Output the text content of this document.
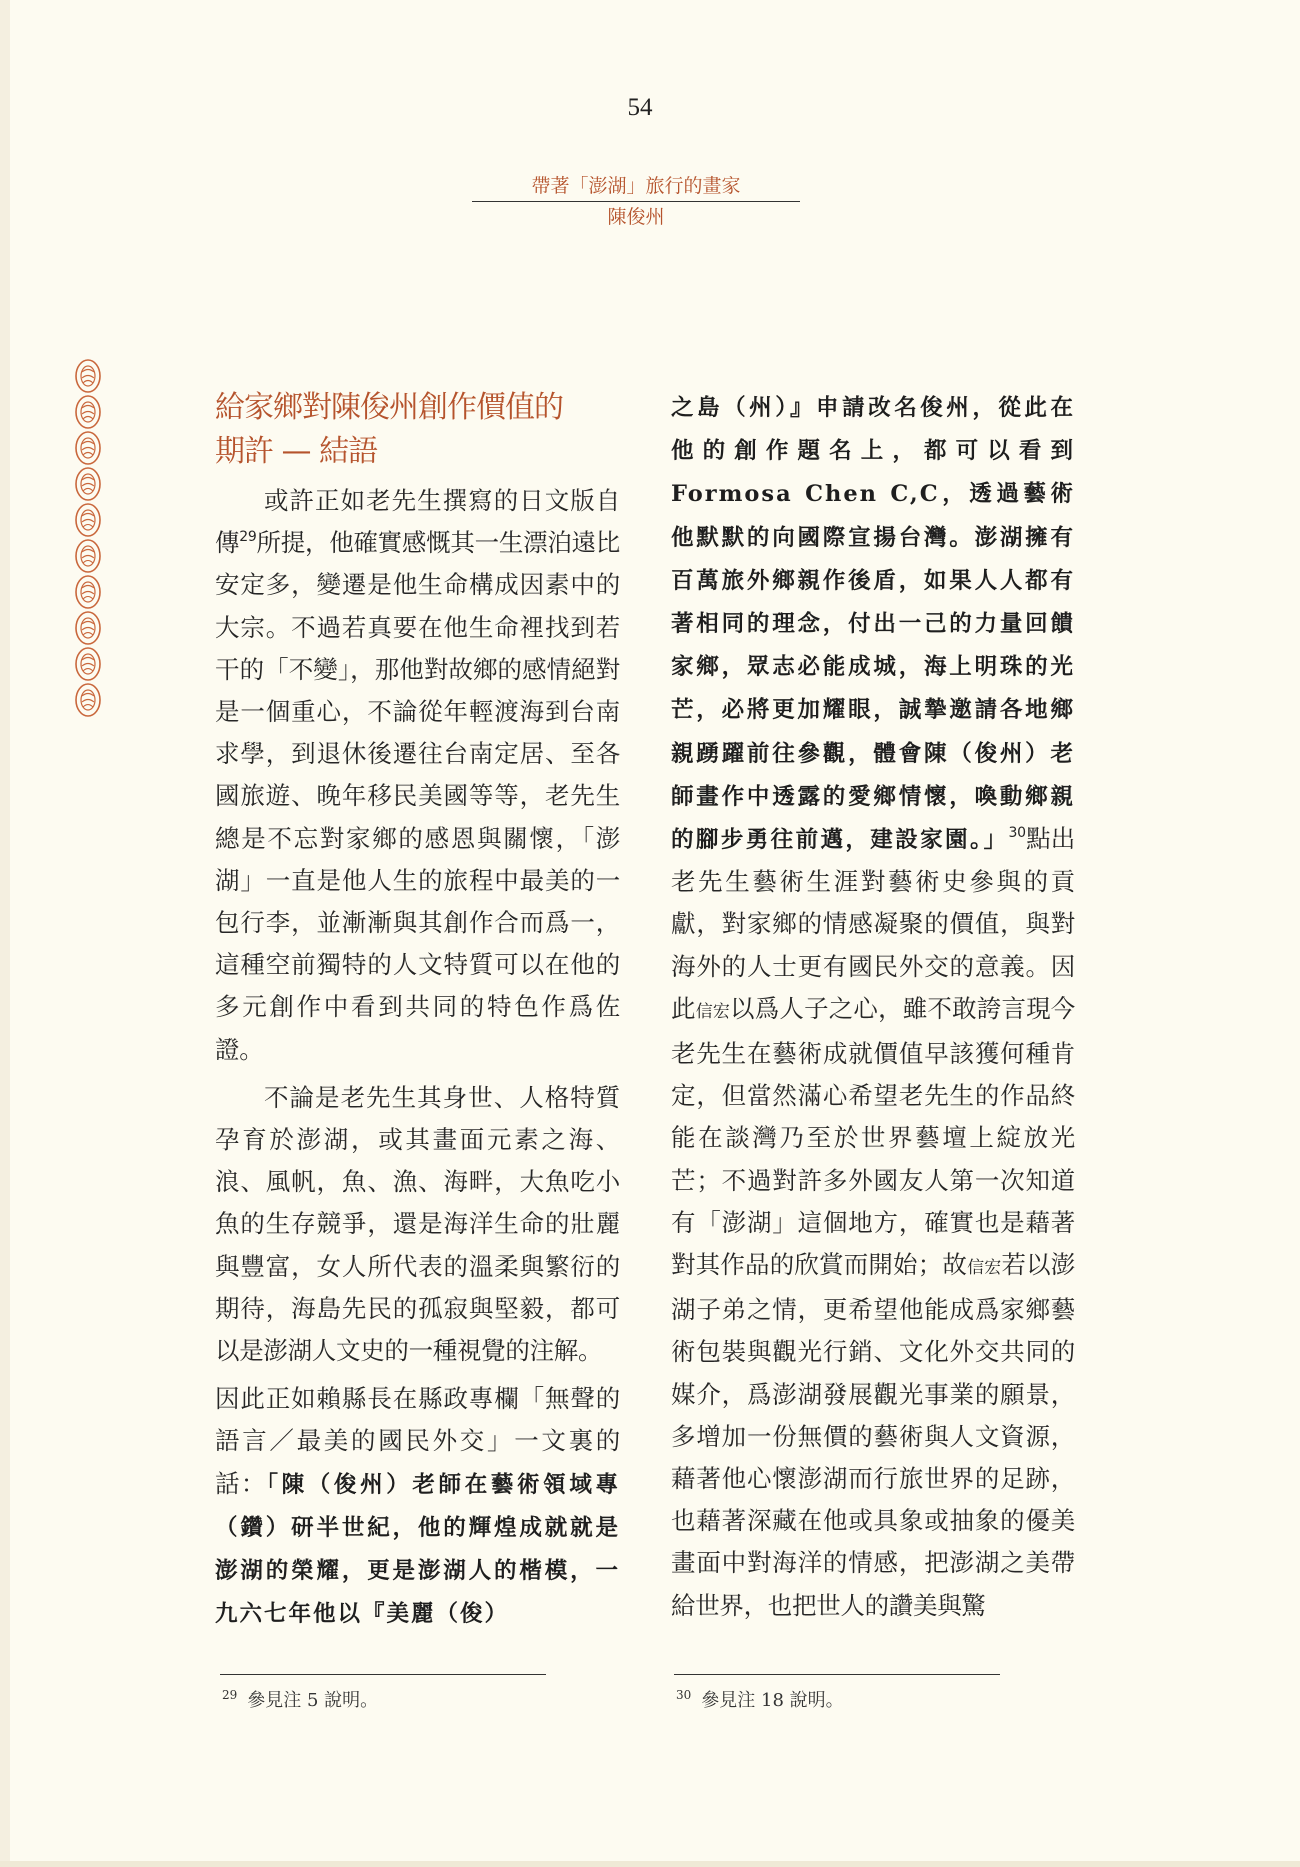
54
帶著「澎湖」旅行的畫家
陳俊州
給家鄉對陳俊州創作價值的
期許 — 結語

或許正如老先生撰寫的日文版自傳$^{29}$所提，他確實感慨其一生漂泊遠比安定多，變遷是他生命構成因素中的大宗。不過若真要在他生命裡找到若干的「不變」，那他對故鄉的感情絕對是一個重心，不論從年輕渡海到台南求學，到退休後遷往台南定居、至各國旅遊、晚年移民美國等等，老先生總是不忘對家鄉的感恩與關懷，「澎湖」一直是他人生的旅程中最美的一包行李，並漸漸與其創作合而爲一，這種空前獨特的人文特質可以在他的多元創作中看到共同的特色作爲佐證。

不論是老先生其身世、人格特質孕育於澎湖，或其畫面元素之海、浪、風帆，魚、漁、海畔，大魚吃小魚的生存競爭，還是海洋生命的壯麗與豐富，女人所代表的溫柔與繁衍的期待，海島先民的孤寂與堅毅，都可以是澎湖人文史的一種視覺的注解。

因此正如賴縣長在縣政專欄「無聲的語言／最美的國民外交」一文裏的話：「陳（俊州）老師在藝術領域專（鑽）研半世紀，他的輝煌成就就是澎湖的榮耀，更是澎湖人的楷模，一九六七年他以『美麗（俊）

之島（州）』申請改名俊州，從此在他的創作題名上，都可以看到Formosa Chen C,C，透過藝術他默默的向國際宣揚台灣。澎湖擁有百萬旅外鄉親作後盾，如果人人都有著相同的理念，付出一己的力量回饋家鄉，眾志必能成城，海上明珠的光芒，必將更加耀眼，誠摯邀請各地鄉親踴躍前往參觀，體會陳（俊州）老師畫作中透露的愛鄉情懷，喚動鄉親的腳步勇往前邁，建設家園。」$^{30}$點出老先生藝術生涯對藝術史參與的貢獻，對家鄉的情感凝聚的價值，與對海外的人士更有國民外交的意義。因此信宏以爲人子之心，雖不敢誇言現今老先生在藝術成就價值早該獲何種肯定，但當然滿心希望老先生的作品終能在談灣乃至於世界藝壇上綻放光芒；不過對許多外國友人第一次知道有「澎湖」這個地方，確實也是藉著對其作品的欣賞而開始；故信宏若以澎湖子弟之情，更希望他能成爲家鄉藝術包裝與觀光行銷、文化外交共同的媒介，爲澎湖發展觀光事業的願景，多增加一份無價的藝術與人文資源，藉著他心懷澎湖而行旅世界的足跡，也藉著深藏在他或具象或抽象的優美畫面中對海洋的情感，把澎湖之美帶給世界，也把世人的讚美與驚

$^{29}$ 參見注 5 說明。	$^{30}$ 參見注 18 說明。
